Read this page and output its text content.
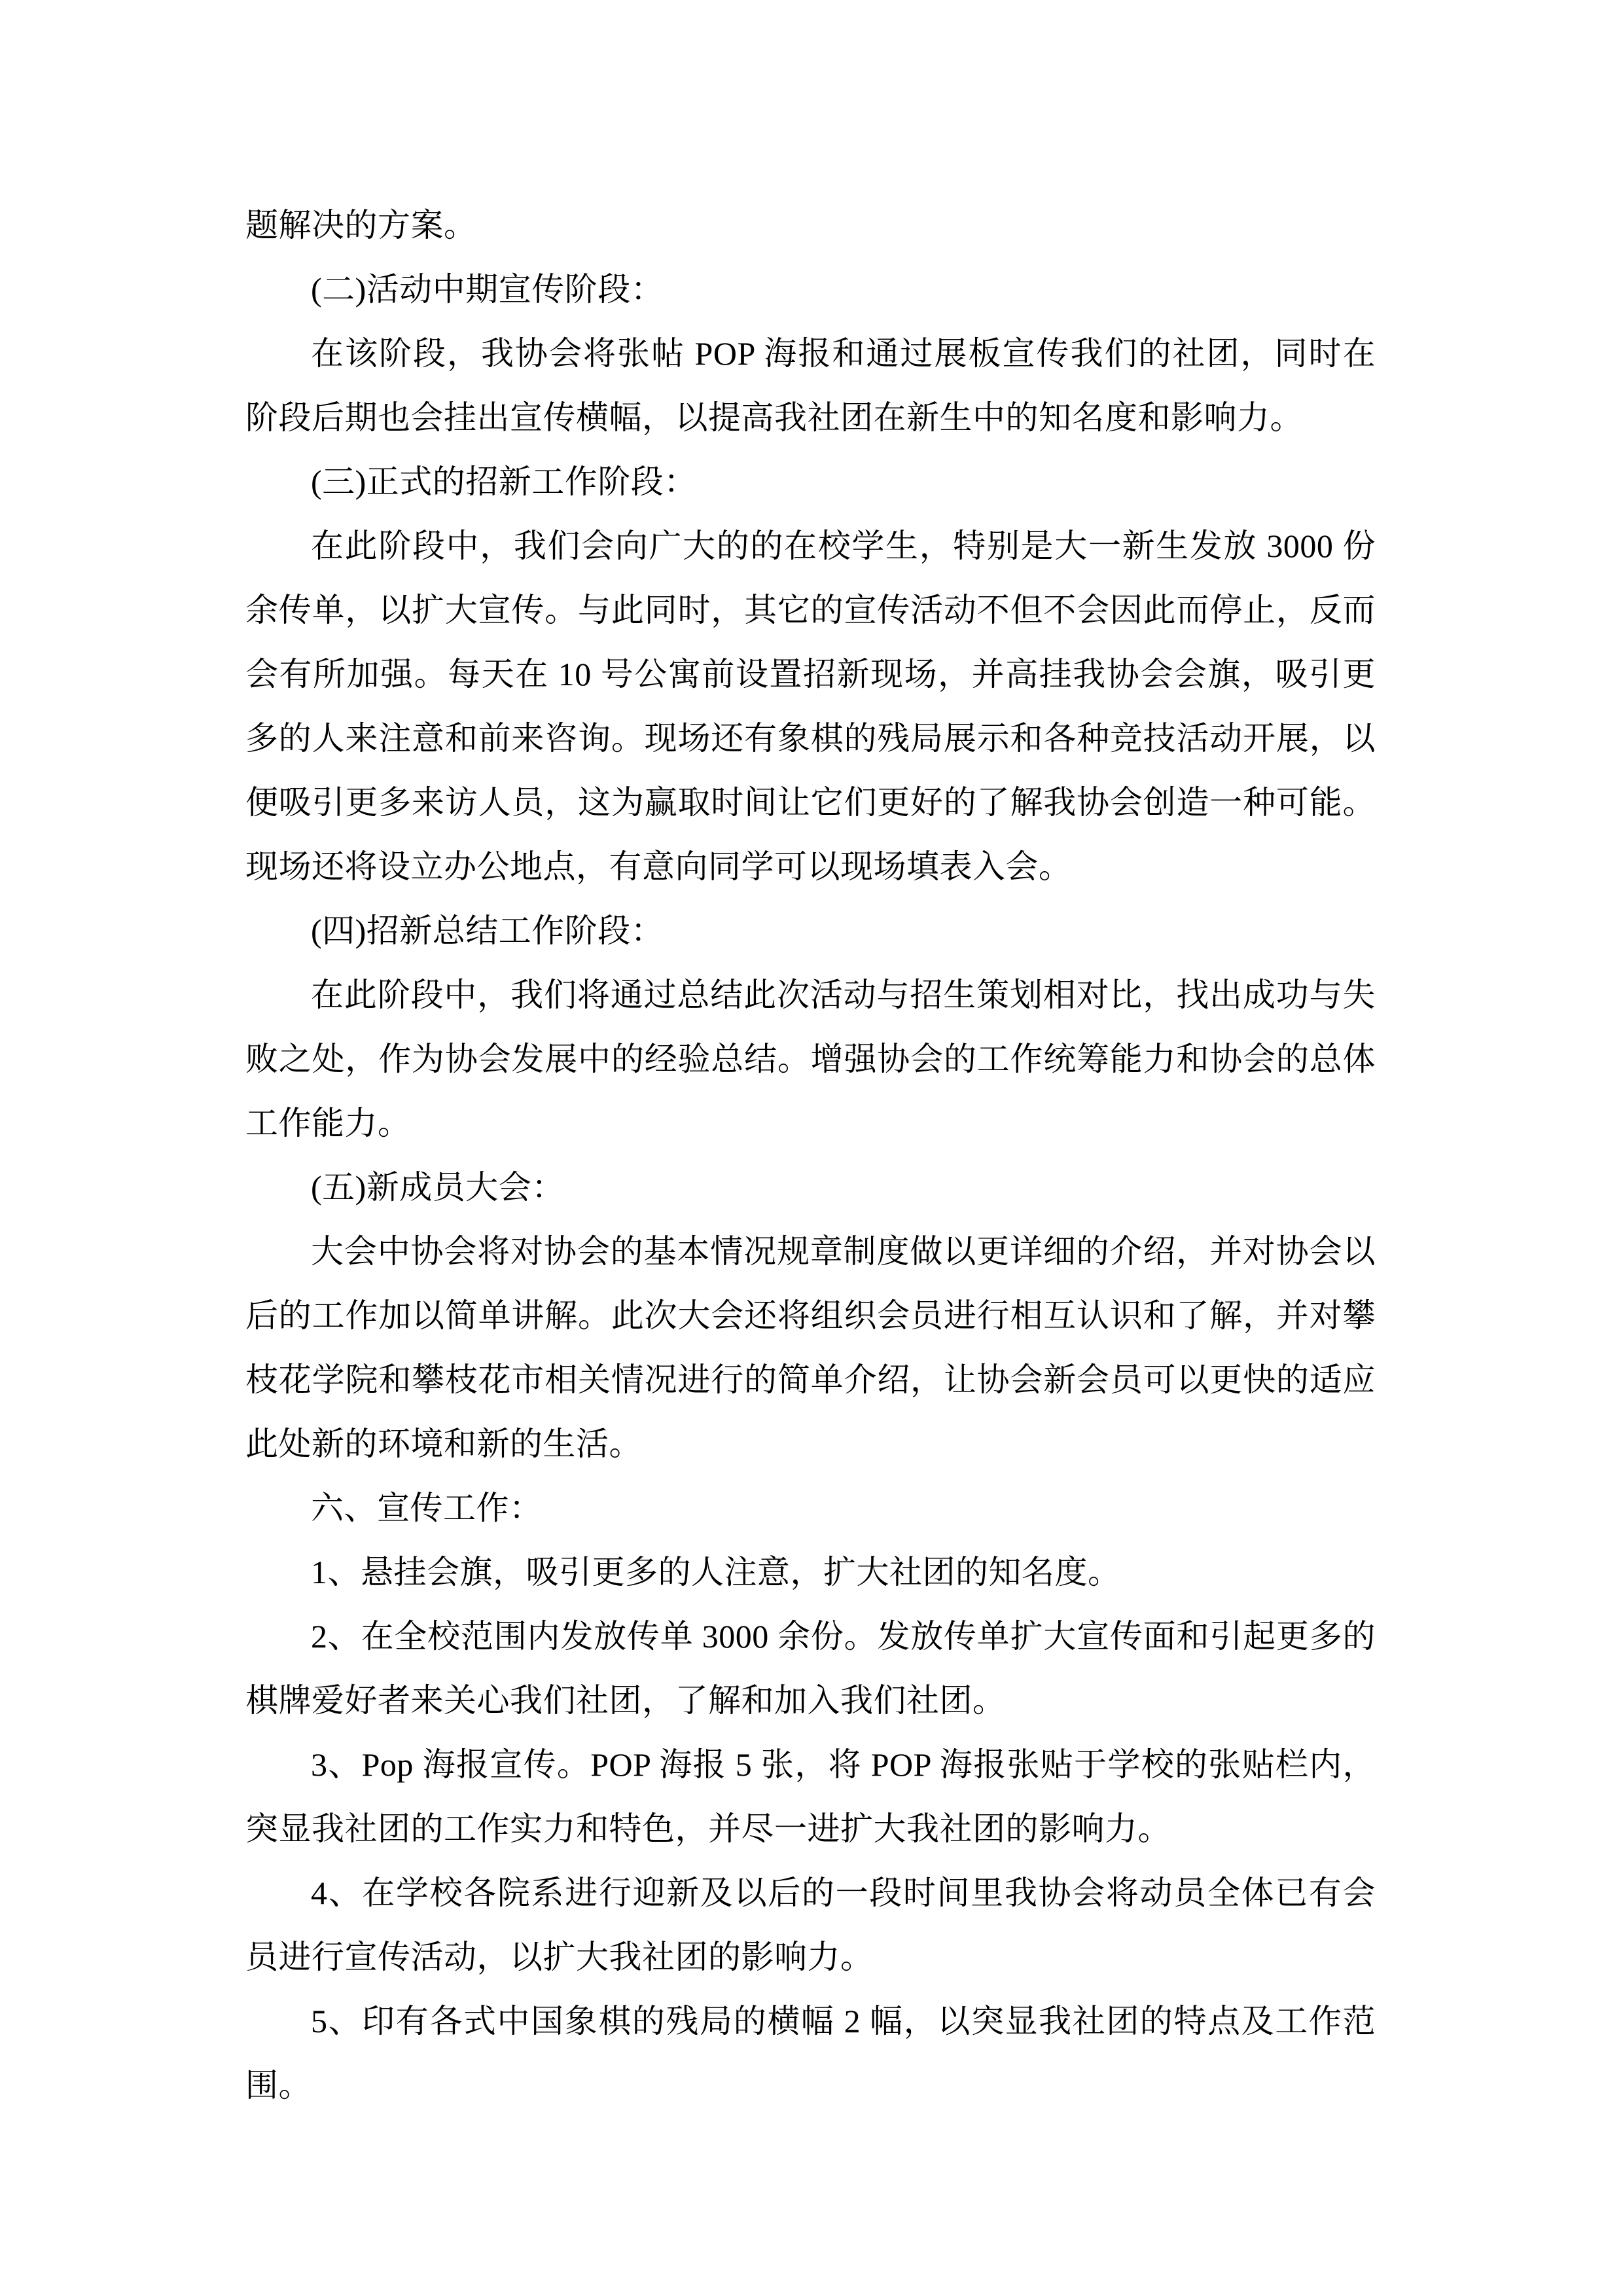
题解决的方案。

(二)活动中期宣传阶段：

在该阶段，我协会将张帖 POP 海报和通过展板宣传我们的社团，同时在阶段后期也会挂出宣传横幅，以提高我社团在新生中的知名度和影响力。

(三)正式的招新工作阶段：

在此阶段中，我们会向广大的的在校学生，特别是大一新生发放 3000 份余传单，以扩大宣传。与此同时，其它的宣传活动不但不会因此而停止，反而会有所加强。每天在 10 号公寓前设置招新现场，并高挂我协会会旗，吸引更多的人来注意和前来咨询。现场还有象棋的残局展示和各种竞技活动开展，以便吸引更多来访人员，这为赢取时间让它们更好的了解我协会创造一种可能。现场还将设立办公地点，有意向同学可以现场填表入会。

(四)招新总结工作阶段：

在此阶段中，我们将通过总结此次活动与招生策划相对比，找出成功与失败之处，作为协会发展中的经验总结。增强协会的工作统筹能力和协会的总体工作能力。

(五)新成员大会：

大会中协会将对协会的基本情况规章制度做以更详细的介绍，并对协会以后的工作加以简单讲解。此次大会还将组织会员进行相互认识和了解，并对攀枝花学院和攀枝花市相关情况进行的简单介绍，让协会新会员可以更快的适应此处新的环境和新的生活。

六、宣传工作：

1、悬挂会旗，吸引更多的人注意，扩大社团的知名度。

2、在全校范围内发放传单 3000 余份。发放传单扩大宣传面和引起更多的棋牌爱好者来关心我们社团，了解和加入我们社团。

3、Pop 海报宣传。POP 海报 5 张，将 POP 海报张贴于学校的张贴栏内，突显我社团的工作实力和特色，并尽一进扩大我社团的影响力。

4、在学校各院系进行迎新及以后的一段时间里我协会将动员全体已有会员进行宣传活动，以扩大我社团的影响力。

5、印有各式中国象棋的残局的横幅 2 幅，以突显我社团的特点及工作范围。
